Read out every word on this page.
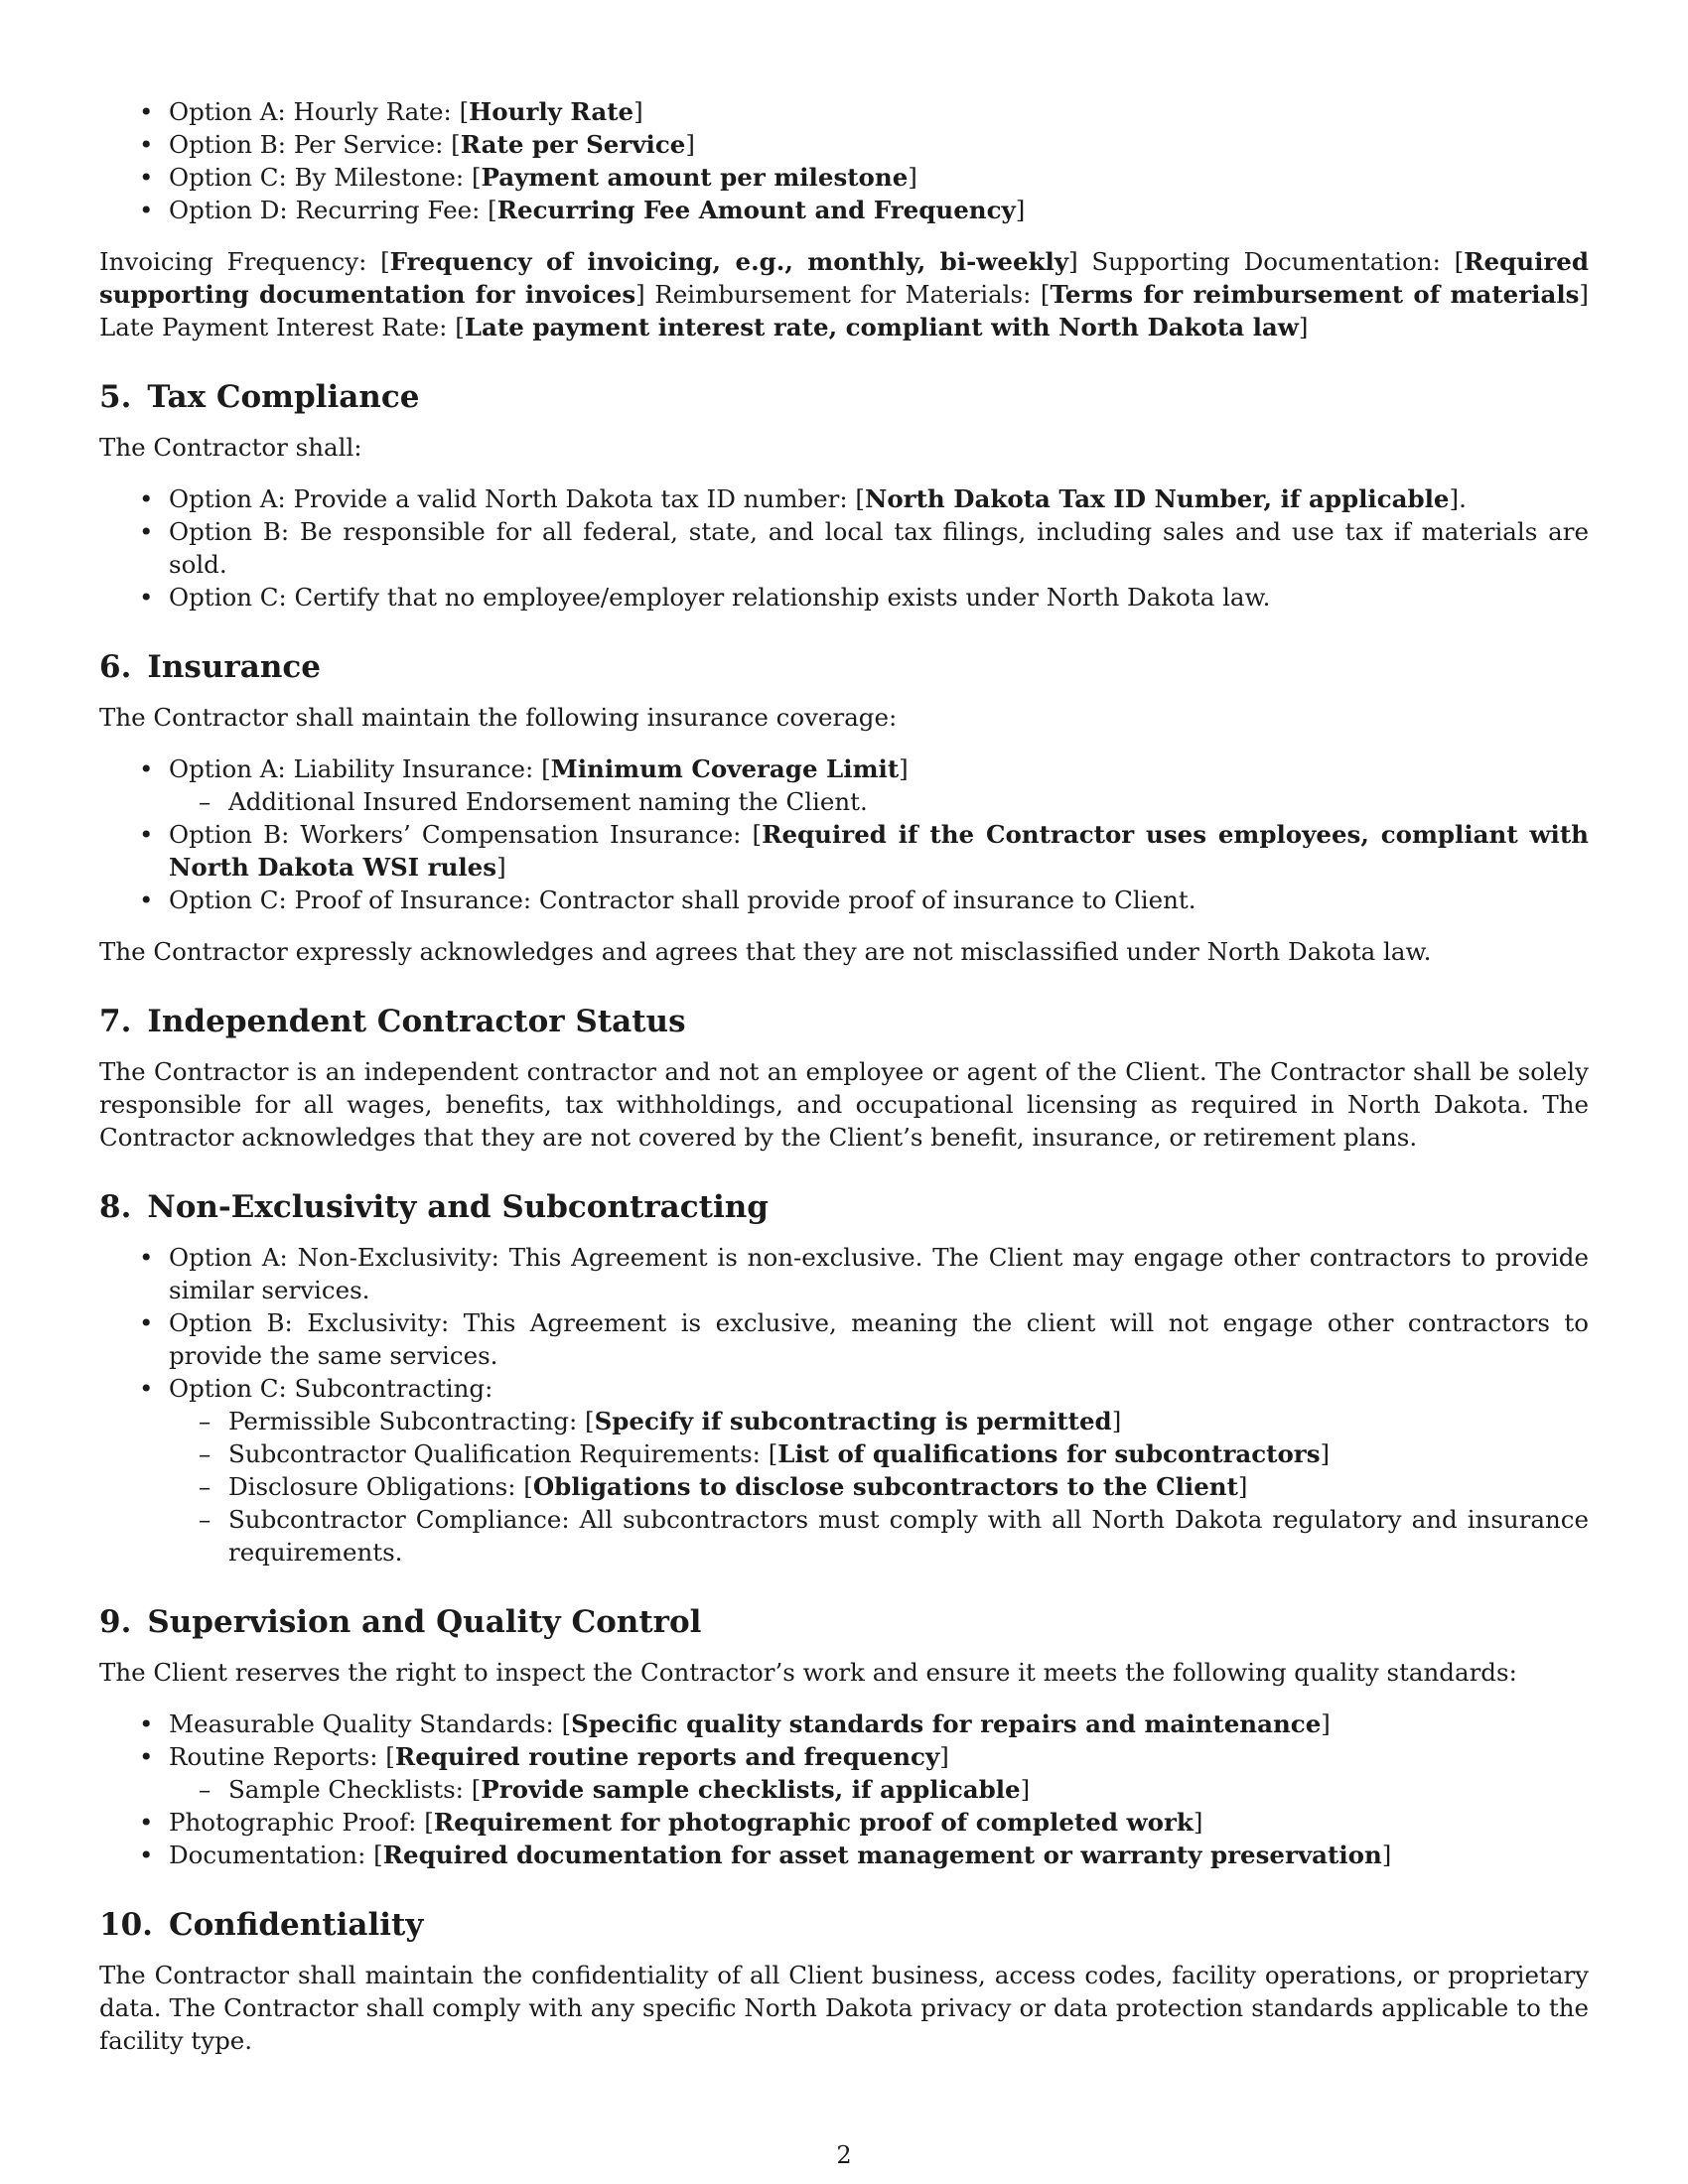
• Option A: Hourly Rate: [Hourly Rate]
• Option B: Per Service: [Rate per Service]
• Option C: By Milestone: [Payment amount per milestone]
• Option D: Recurring Fee: [Recurring Fee Amount and Frequency]

Invoicing Frequency: [Frequency of invoicing, e.g., monthly, bi-weekly] Supporting Documentation: [Required supporting documentation for invoices] Reimbursement for Materials: [Terms for reimbursement of materials] Late Payment Interest Rate: [Late payment interest rate, compliant with North Dakota law]

5. Tax Compliance

The Contractor shall:

• Option A: Provide a valid North Dakota tax ID number: [North Dakota Tax ID Number, if applicable].
• Option B: Be responsible for all federal, state, and local tax filings, including sales and use tax if materials are sold.
• Option C: Certify that no employee/employer relationship exists under North Dakota law.
6. Insurance

The Contractor shall maintain the following insurance coverage:

• Option A: Liability Insurance: [Minimum Coverage Limit]
– Additional Insured Endorsement naming the Client.
• Option B: Workers’ Compensation Insurance: [Required if the Contractor uses employees, compliant with North Dakota WSI rules]
• Option C: Proof of Insurance: Contractor shall provide proof of insurance to Client.

The Contractor expressly acknowledges and agrees that they are not misclassified under North Dakota law.

7. Independent Contractor Status

The Contractor is an independent contractor and not an employee or agent of the Client. The Contractor shall be solely responsible for all wages, benefits, tax withholdings, and occupational licensing as required in North Dakota. The Contractor acknowledges that they are not covered by the Client’s benefit, insurance, or retirement plans.

8. Non-Exclusivity and Subcontracting
• Option A: Non-Exclusivity: This Agreement is non-exclusive. The Client may engage other contractors to provide similar services.
• Option B: Exclusivity: This Agreement is exclusive, meaning the client will not engage other contractors to provide the same services.
• Option C: Subcontracting:
– Permissible Subcontracting: [Specify if subcontracting is permitted]
– Subcontractor Qualification Requirements: [List of qualifications for subcontractors]
– Disclosure Obligations: [Obligations to disclose subcontractors to the Client]
– Subcontractor Compliance: All subcontractors must comply with all North Dakota regulatory and insurance requirements.
9. Supervision and Quality Control

The Client reserves the right to inspect the Contractor’s work and ensure it meets the following quality standards:

• Measurable Quality Standards: [Specific quality standards for repairs and maintenance]
• Routine Reports: [Required routine reports and frequency]
– Sample Checklists: [Provide sample checklists, if applicable]
• Photographic Proof: [Requirement for photographic proof of completed work]
• Documentation: [Required documentation for asset management or warranty preservation]
10. Confidentiality

The Contractor shall maintain the confidentiality of all Client business, access codes, facility operations, or proprietary data. The Contractor shall comply with any specific North Dakota privacy or data protection standards applicable to the facility type.

2
